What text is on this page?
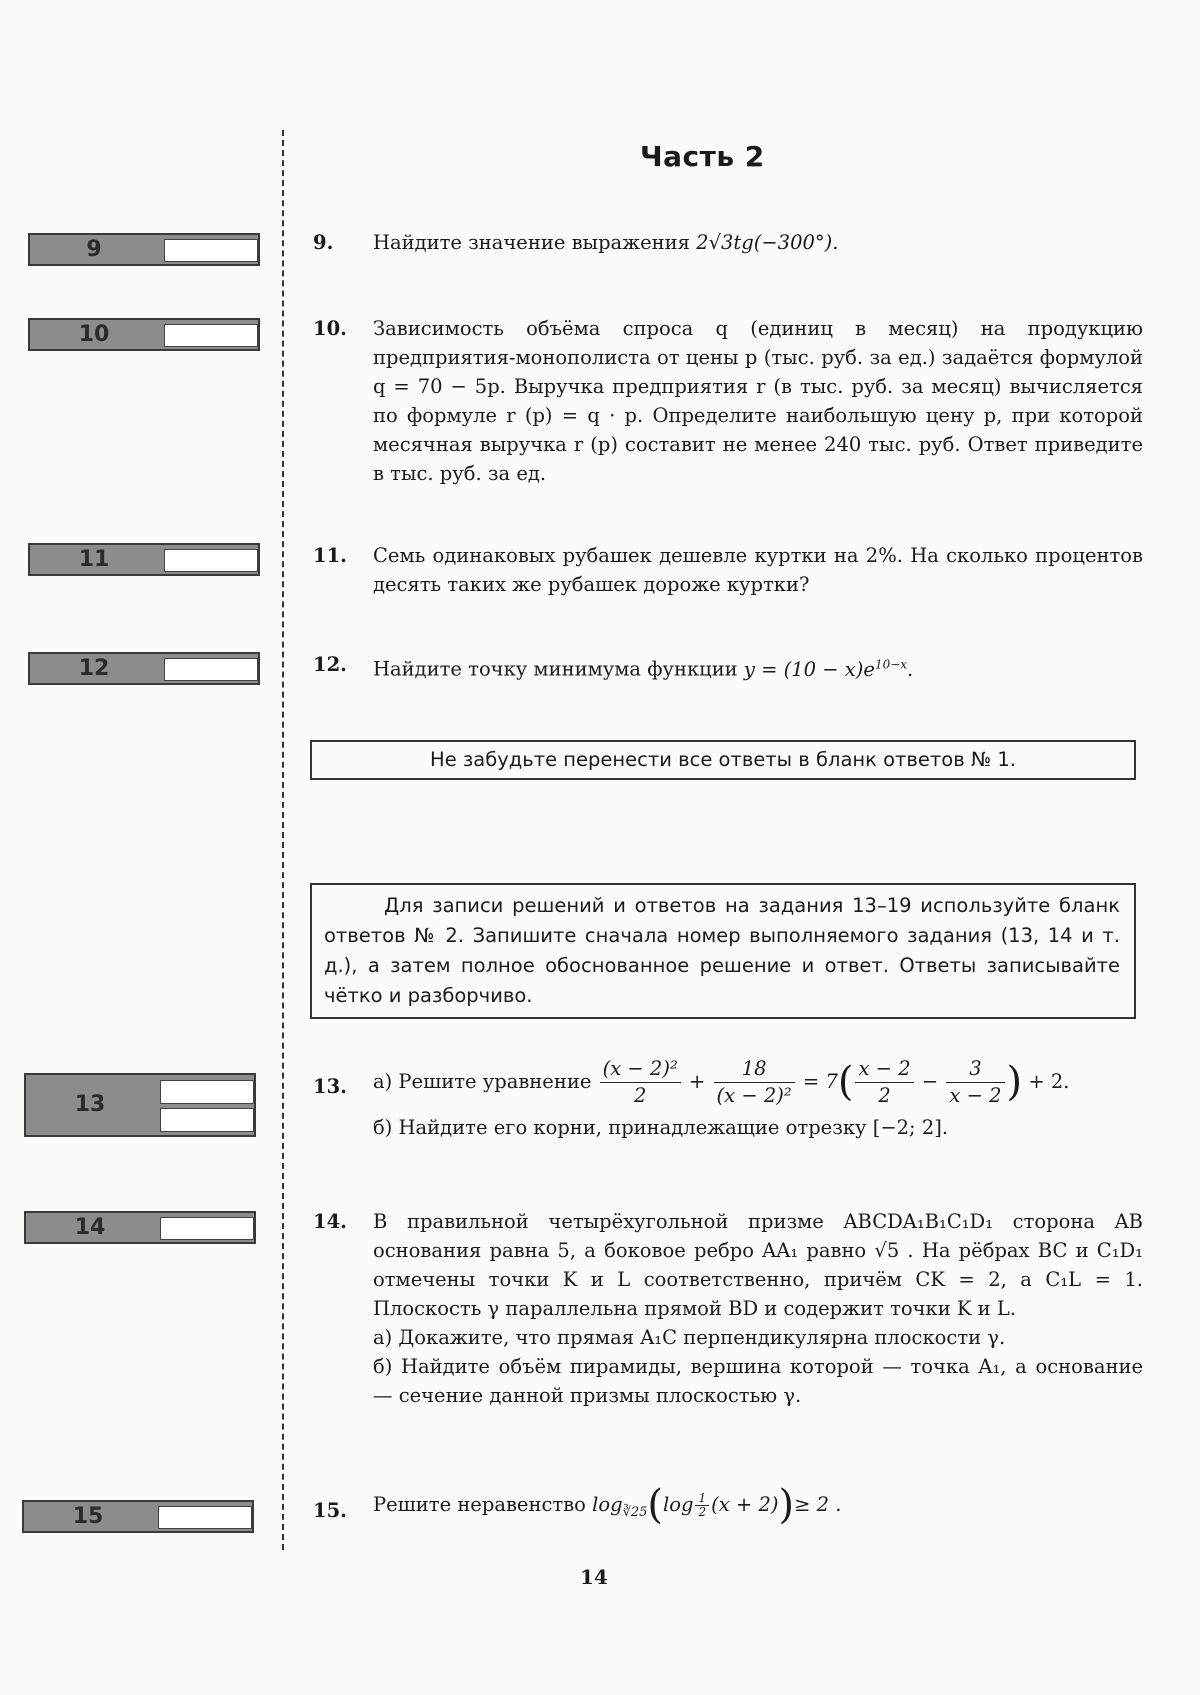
Часть 2
9
10
11
12
13
14
15
9. Найдите значение выражения 2√3tg(−300°).
10. Зависимость объёма спроса q (единиц в месяц) на продукцию предприятия-монополиста от цены p (тыс. руб. за ед.) задаётся формулой q = 70 − 5p. Выручка предприятия r (в тыс. руб. за месяц) вычисляется по формуле r (p) = q · p. Определите наибольшую цену p, при которой месячная выручка r (p) составит не менее 240 тыс. руб. Ответ приведите в тыс. руб. за ед.
11. Семь одинаковых рубашек дешевле куртки на 2%. На сколько процентов десять таких же рубашек дороже куртки?
12. Найдите точку минимума функции $y = (10 - x)e^{10-x}$.
Не забудьте перенести все ответы в бланк ответов № 1.
Для записи решений и ответов на задания 13–19 используйте бланк ответов № 2. Запишите сначала номер выполняемого задания (13, 14 и т. д.), а затем полное обоснованное решение и ответ. Ответы записывайте чётко и разборчиво.
13. а) Решите уравнение $\frac{\text{(x − 2)²}}{2} + \frac{18}{\text{(x − 2)²}} = 7( \frac{x - 2}{2} - \frac{3}{x - 2}$ ) + 2.

б) Найдите его корни, принадлежащие отрезку [−2; 2].

14. В правильной четырёхугольной призме ABCDA₁B₁C₁D₁ сторона AB основания равна 5, а боковое ребро AA₁ равно √5 . На рёбрах BC и C₁D₁ отмечены точки K и L соответственно, причём CK = 2, а C₁L = 1. Плоскость γ параллельна прямой BD и содержит точки K и L.

а) Докажите, что прямая A₁C перпендикулярна плоскости γ.

б) Найдите объём пирамиды, вершина которой — точка A₁, а основание — сечение данной призмы плоскостью γ.

15. Решите неравенство $\log_{∛25}(\log \frac{1}{2} (x + 2))\ge 2$ .
14
